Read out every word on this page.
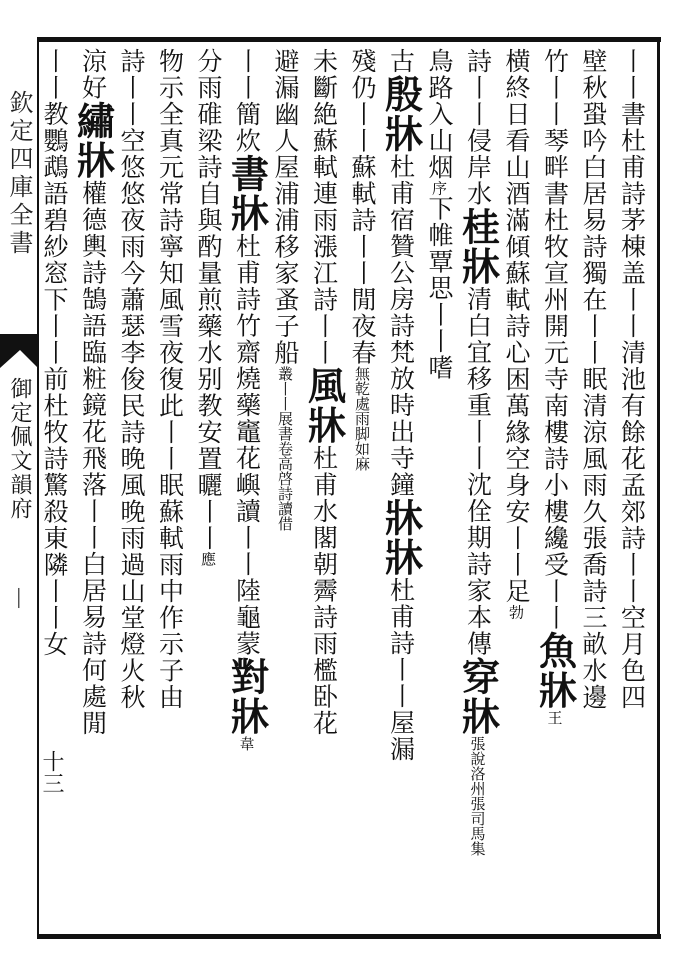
欽定四庫全書
御定佩文韻府
—
十三
丨丨書杜甫詩茅棟盖丨丨清池有餘花孟郊詩丨丨空月色四
壁秋蛩吟白居易詩獨在丨丨眠清涼風雨久張喬詩三畝水邊
竹丨丨琴畔書杜牧宣州開元寺南樓詩小樓纔受丨丨魚牀王
横終日看山酒滿傾蘇軾詩心困萬緣空身安丨丨足勃
詩丨丨侵岸水桂牀清白宜移重丨丨沈佺期詩家本傳穿牀張說洛州張司馬集
鳥路入山烟序下帷覃思丨丨嗜
古殷牀杜甫宿贊公房詩梵放時出寺鐘牀牀杜甫詩丨丨屋漏
殘仍丨丨蘇軾詩丨丨閒夜春無乾處雨脚如麻
未斷絶蘇軾連雨漲江詩丨丨風牀杜甫水閣朝霽詩雨檻卧花
避漏幽人屋浦浦移家蚤子船叢丨丨展書卷高啓詩讀借
丨丨簡炊書牀杜甫詩竹齋燒藥竈花嶼讀丨丨陸龜蒙對牀韋
分雨碓梁詩自與酌量煎藥水别教安置曬丨丨應
物示全真元常詩寧知風雪夜復此丨丨眠蘇軾雨中作示子由
詩丨丨空悠悠夜雨今蕭瑟李俊民詩晚風晚雨過山堂燈火秋
涼好繡牀權德輿詩鵠語臨粧鏡花飛落丨丨白居易詩何處閒
丨丨教鸚鵡語碧紗窓下丨丨前杜牧詩驚殺東隣丨丨女
